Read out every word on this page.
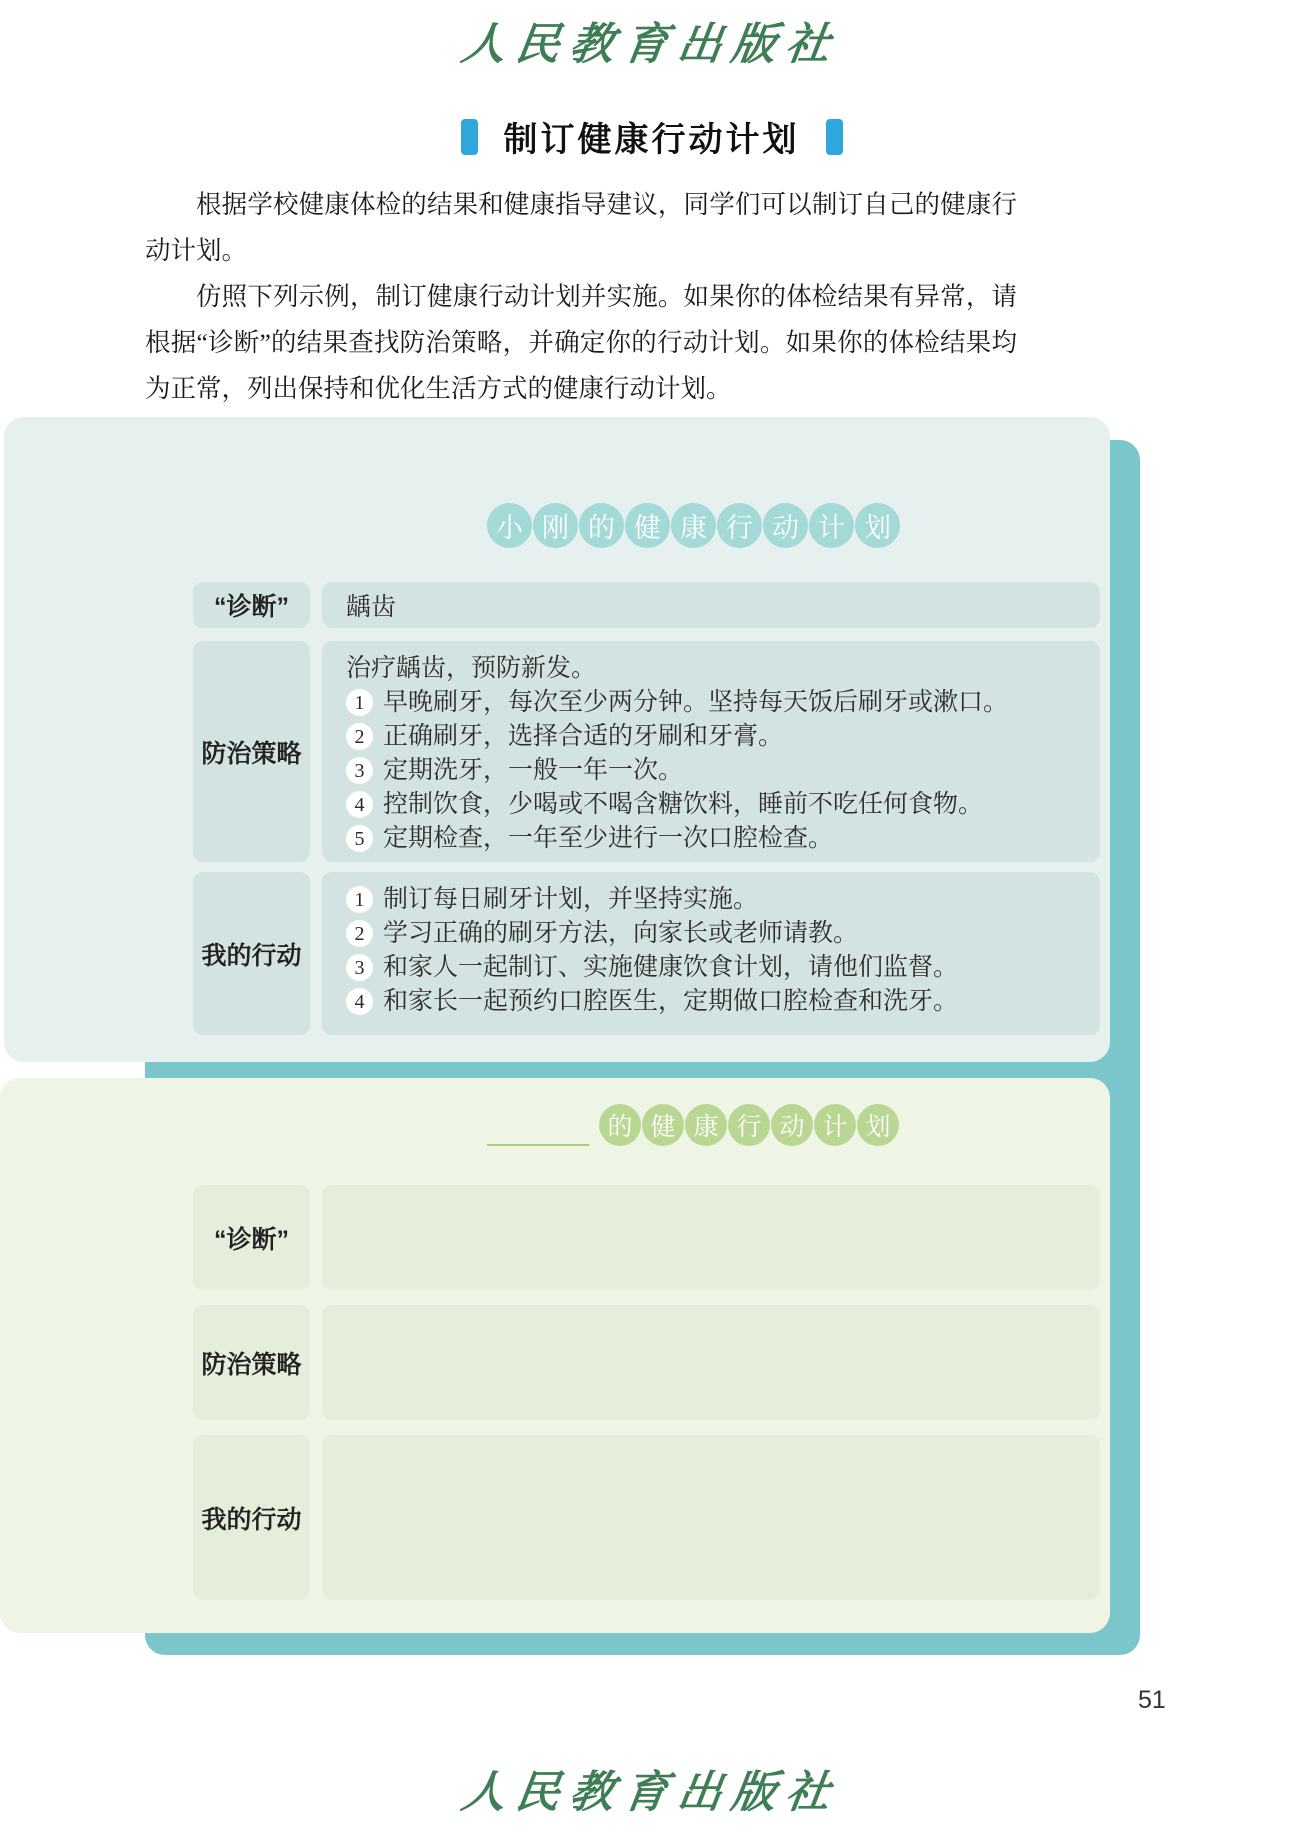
人民教育出版社
制订健康行动计划

根据学校健康体检的结果和健康指导建议，同学们可以制订自己的健康行动计划。

仿照下列示例，制订健康行动计划并实施。如果你的体检结果有异常，请根据“诊断”的结果查找防治策略，并确定你的行动计划。如果你的体检结果均为正常，列出保持和优化生活方式的健康行动计划。

小 刚 的 健 康 行 动 计 划
“诊断”	龋齿
防治策略
治疗龋齿，预防新发。
1 早晚刷牙，每次至少两分钟。坚持每天饭后刷牙或漱口。
2 正确刷牙，选择合适的牙刷和牙膏。
3 定期洗牙，一般一年一次。
4 控制饮食，少喝或不喝含糖饮料，睡前不吃任何食物。
5 定期检查，一年至少进行一次口腔检查。
我的行动
1 制订每日刷牙计划，并坚持实施。
2 学习正确的刷牙方法，向家长或老师请教。
3 和家人一起制订、实施健康饮食计划，请他们监督。
4 和家长一起预约口腔医生，定期做口腔检查和洗牙。
的 健 康 行 动 计 划
“诊断”
防治策略
我的行动
51
人民教育出版社
